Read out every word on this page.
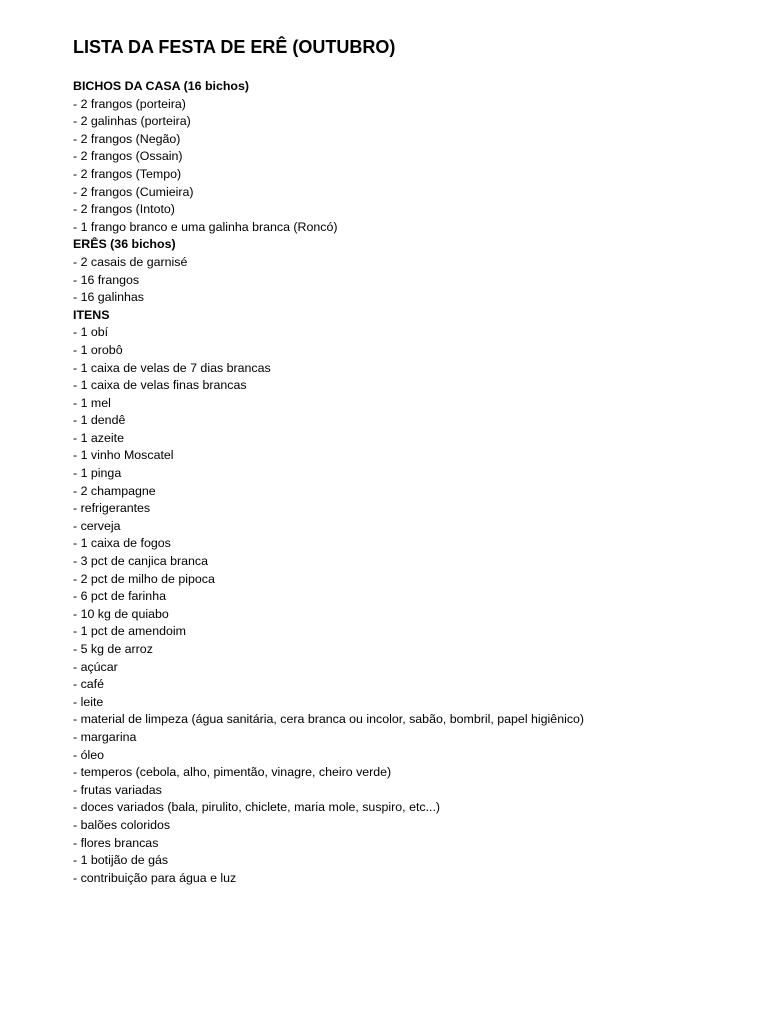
LISTA DA FESTA DE ERÊ (OUTUBRO)
BICHOS DA CASA (16 bichos)
- 2 frangos (porteira)
- 2 galinhas (porteira)
- 2 frangos (Negão)
- 2 frangos (Ossain)
- 2 frangos (Tempo)
- 2 frangos (Cumieira)
- 2 frangos (Intoto)
- 1 frango branco e uma galinha branca (Roncó)
ERÊS (36 bichos)
- 2 casais de garnisé
- 16 frangos
- 16 galinhas
ITENS
- 1 obí
- 1 orobô
- 1 caixa de velas de 7 dias brancas
- 1 caixa de velas finas brancas
- 1 mel
- 1 dendê
- 1 azeite
- 1 vinho Moscatel
- 1 pinga
- 2 champagne
- refrigerantes
- cerveja
- 1 caixa de fogos
- 3 pct de canjica branca
- 2 pct de milho de pipoca
- 6 pct de farinha
- 10 kg de quiabo
- 1 pct de amendoim
- 5 kg de arroz
- açúcar
- café
- leite
- material de limpeza (água sanitária, cera branca ou incolor, sabão, bombril, papel higiênico)
- margarina
- óleo
- temperos (cebola, alho, pimentão, vinagre, cheiro verde)
- frutas variadas
- doces variados (bala, pirulito, chiclete, maria mole, suspiro, etc...)
- balões coloridos
- flores brancas
- 1 botijão de gás
- contribuição para água e luz
